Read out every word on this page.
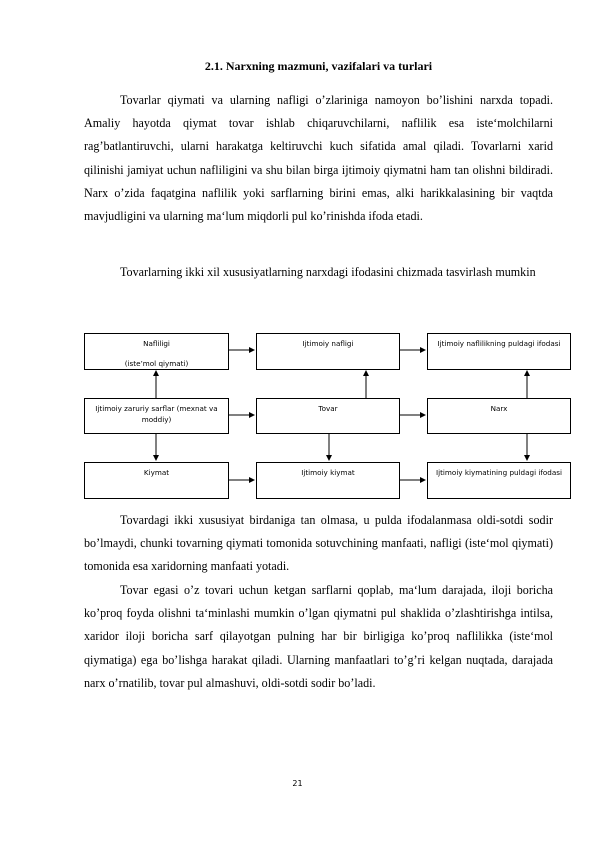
2.1. Narxning mazmuni, vazifalari va turlari

Tovarlar qiymati va ularning nafligi o’zlariniga namoyon bo’lishini narxda topadi. Amaliy hayotda qiymat tovar ishlab chiqaruvchilarni, naflilik esa iste‘molchilarni rag’batlantiruvchi, ularni harakatga keltiruvchi kuch sifatida amal qiladi. Tovarlarni xarid qilinishi jamiyat uchun nafliligini va shu bilan birga ijtimoiy qiymatni ham tan olishni bildiradi. Narx o’zida faqatgina naflilik yoki sarflarning birini emas, alki harikkalasining bir vaqtda mavjudligini va ularning ma‘lum miqdorli pul ko’rinishda ifoda etadi.

Tovarlarning ikki xil xususiyatlarning narxdagi ifodasini chizmada tasvirlash mumkin

Nafliligi
(iste’mol qiymati)
Ijtimoiy nafligi	Ijtimoiy naflilikning puldagi ifodasi
Ijtimoiy zaruriy sarflar (mexnat va moddiy)
Tovar	Narx
Kiymat	Ijtimoiy kiymat	Ijtimoiy kiymatining puldagi ifodasi

Tovardagi ikki xususiyat birdaniga tan olmasa, u pulda ifodalanmasa oldi-sotdi sodir bo’lmaydi, chunki tovarning qiymati tomonida sotuvchining manfaati, nafligi (iste‘mol qiymati) tomonida esa xaridorning manfaati yotadi.

Tovar egasi o’z tovari uchun ketgan sarflarni qoplab, ma‘lum darajada, iloji boricha ko’proq foyda olishni ta‘minlashi mumkin o’lgan qiymatni pul shaklida o’zlashtirishga intilsa, xaridor iloji boricha sarf qilayotgan pulning har bir birligiga ko’proq naflilikka (iste‘mol qiymatiga) ega bo’lishga harakat qiladi. Ularning manfaatlari to’g’ri kelgan nuqtada, darajada narx o’rnatilib, tovar pul almashuvi, oldi-sotdi sodir bo’ladi.

21
